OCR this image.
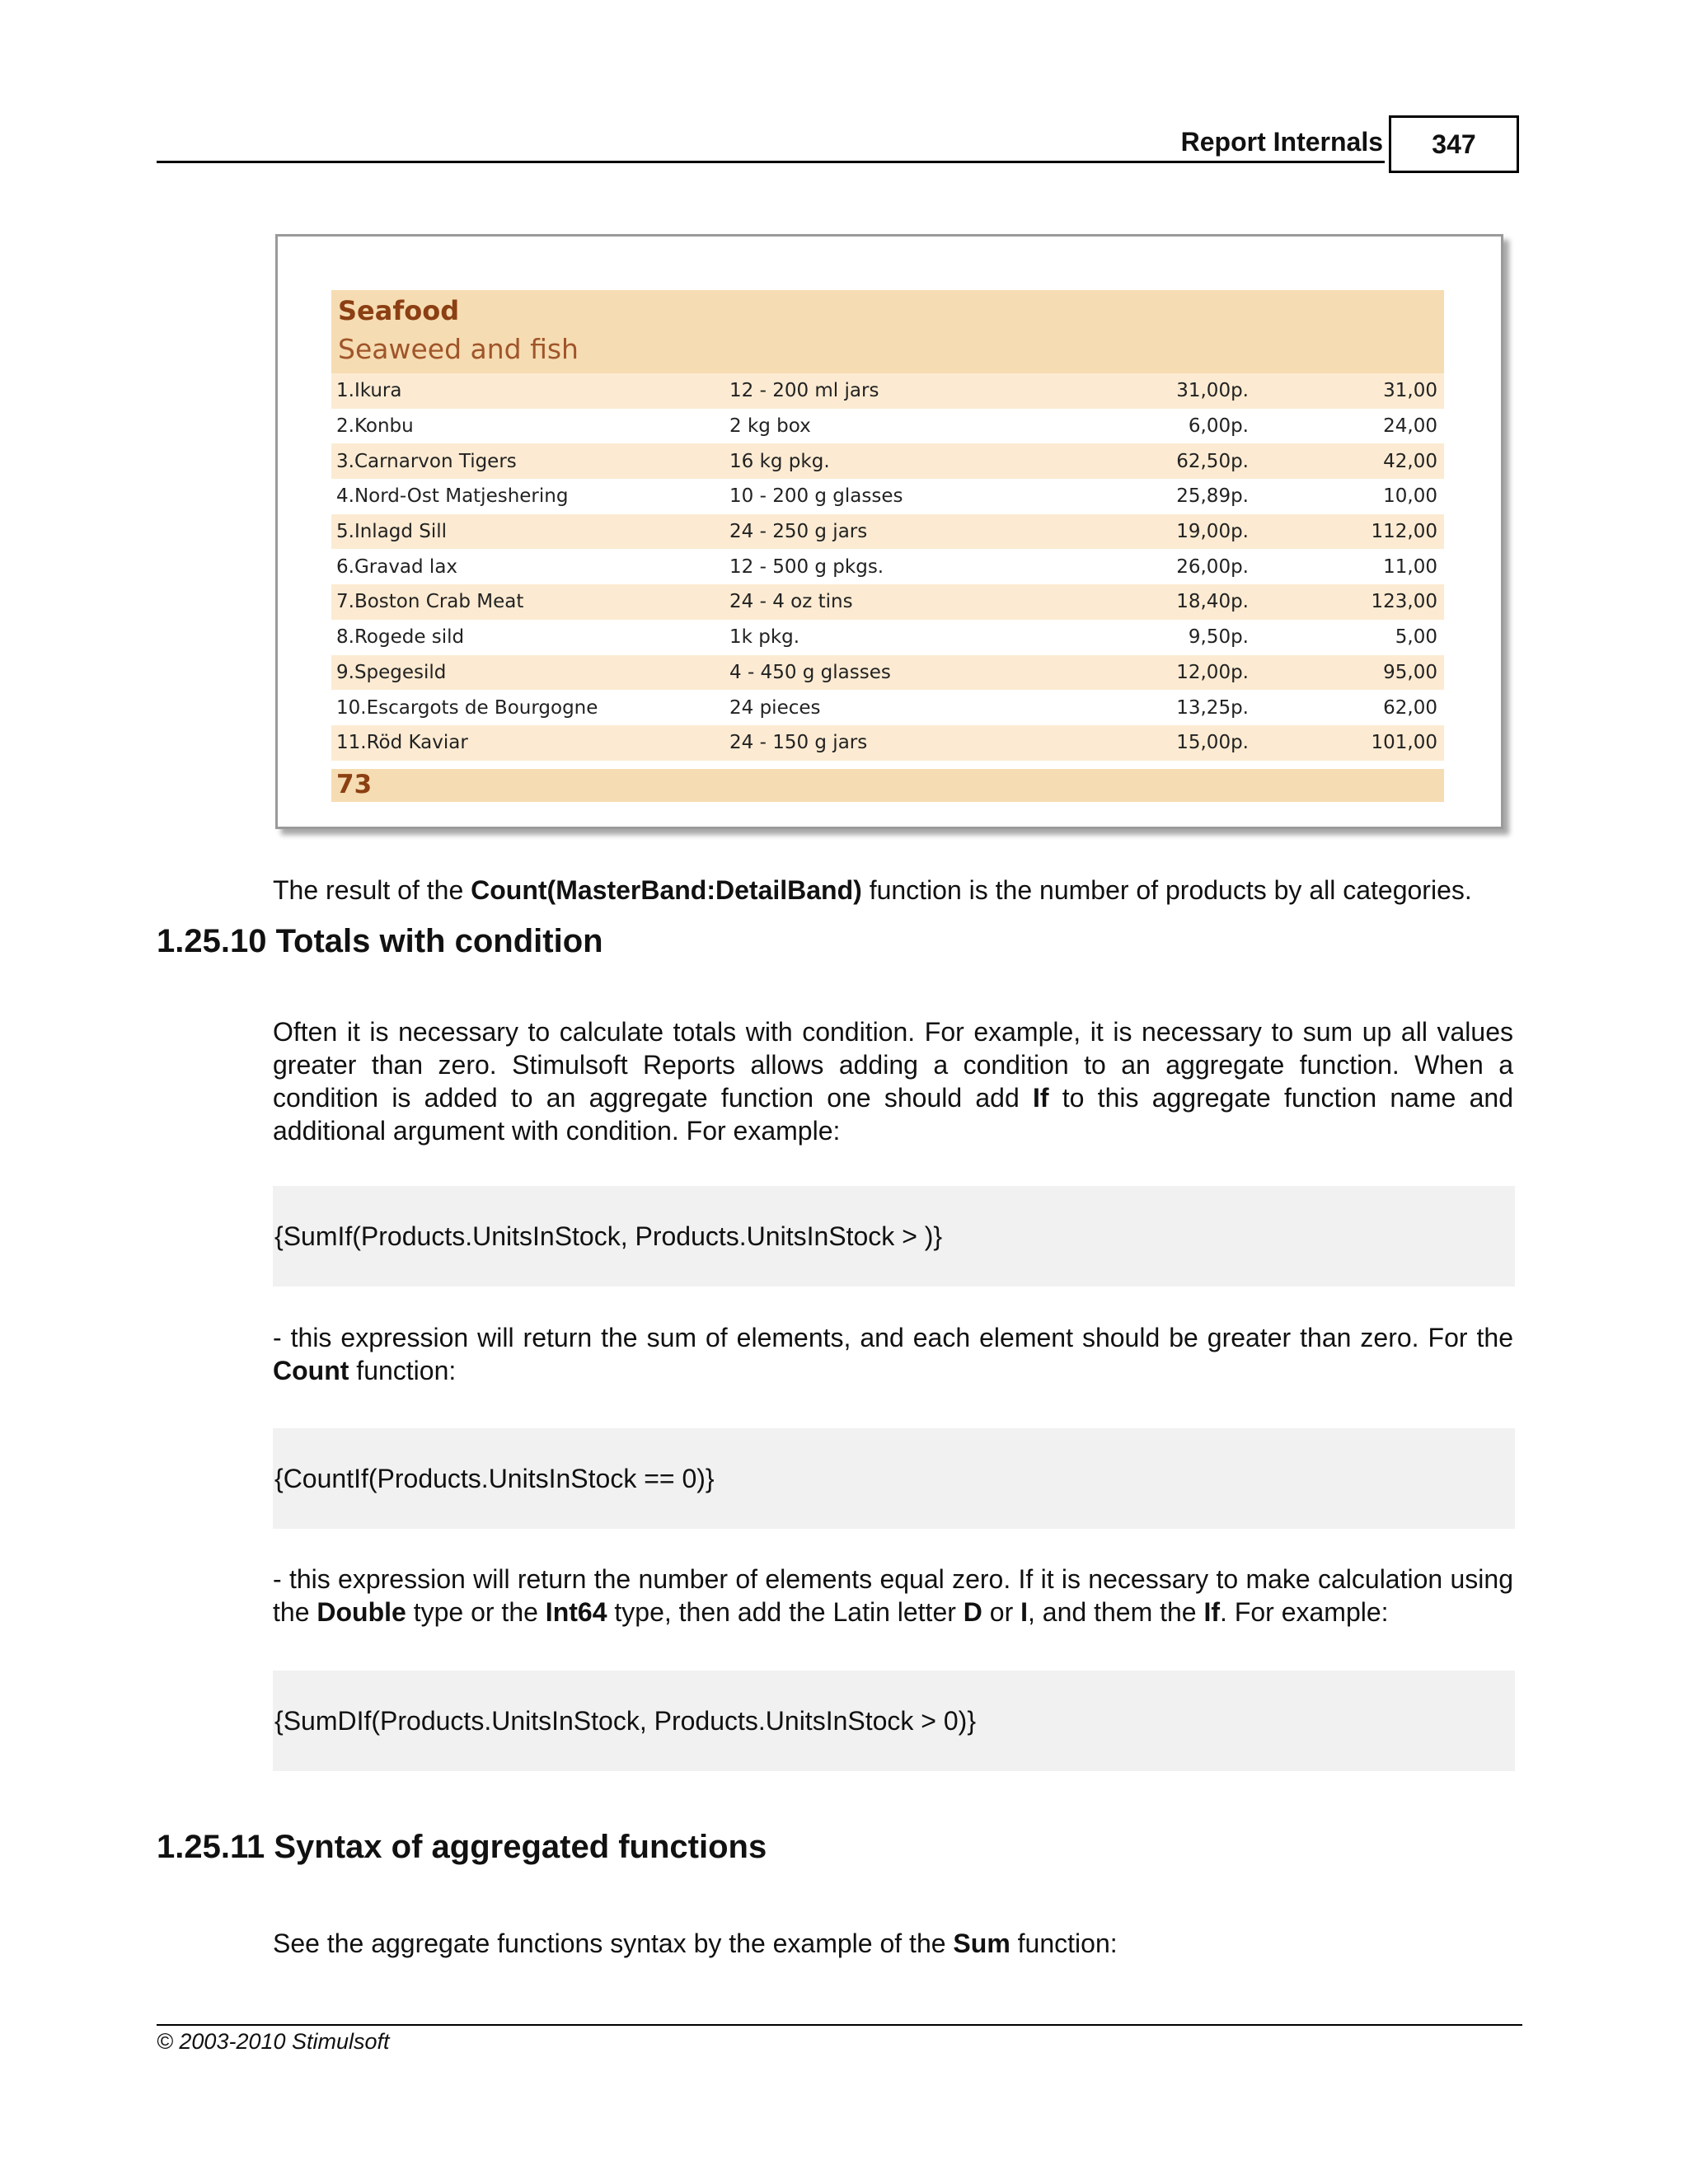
Report Internals	347
Seafood
Seaweed and fish
1.Ikura	12 - 200 ml jars	31,00p.	31,00
2.Konbu	2 kg box	6,00p.	24,00
3.Carnarvon Tigers	16 kg pkg.	62,50p.	42,00
4.Nord-Ost Matjeshering	10 - 200 g glasses	25,89p.	10,00
5.Inlagd Sill	24 - 250 g jars	19,00p.	112,00
6.Gravad lax	12 - 500 g pkgs.	26,00p.	11,00
7.Boston Crab Meat	24 - 4 oz tins	18,40p.	123,00
8.Rogede sild	1k pkg.	9,50p.	5,00
9.Spegesild	4 - 450 g glasses	12,00p.	95,00
10.Escargots de Bourgogne	24 pieces	13,25p.	62,00
11.Röd Kaviar	24 - 150 g jars	15,00p.	101,00
73
The result of the Count(MasterBand:DetailBand) function is the number of products by all categories.
1.25.10 Totals with condition
Often it is necessary to calculate totals with condition. For example, it is necessary to sum up all values greater than zero. Stimulsoft Reports allows adding a condition to an aggregate function. When a condition is added to an aggregate function one should add If to this aggregate function name and additional argument with condition. For example:
{SumIf(Products.UnitsInStock, Products.UnitsInStock > )}
- this expression will return the sum of elements, and each element should be greater than zero. For the Count function:
{CountIf(Products.UnitsInStock == 0)}
- this expression will return the number of elements equal zero. If it is necessary to make calculation using the Double type or the Int64 type, then add the Latin letter D or I, and them the If. For example:
{SumDIf(Products.UnitsInStock, Products.UnitsInStock > 0)}
1.25.11 Syntax of aggregated functions
See the aggregate functions syntax by the example of the Sum function:
© 2003-2010 Stimulsoft
